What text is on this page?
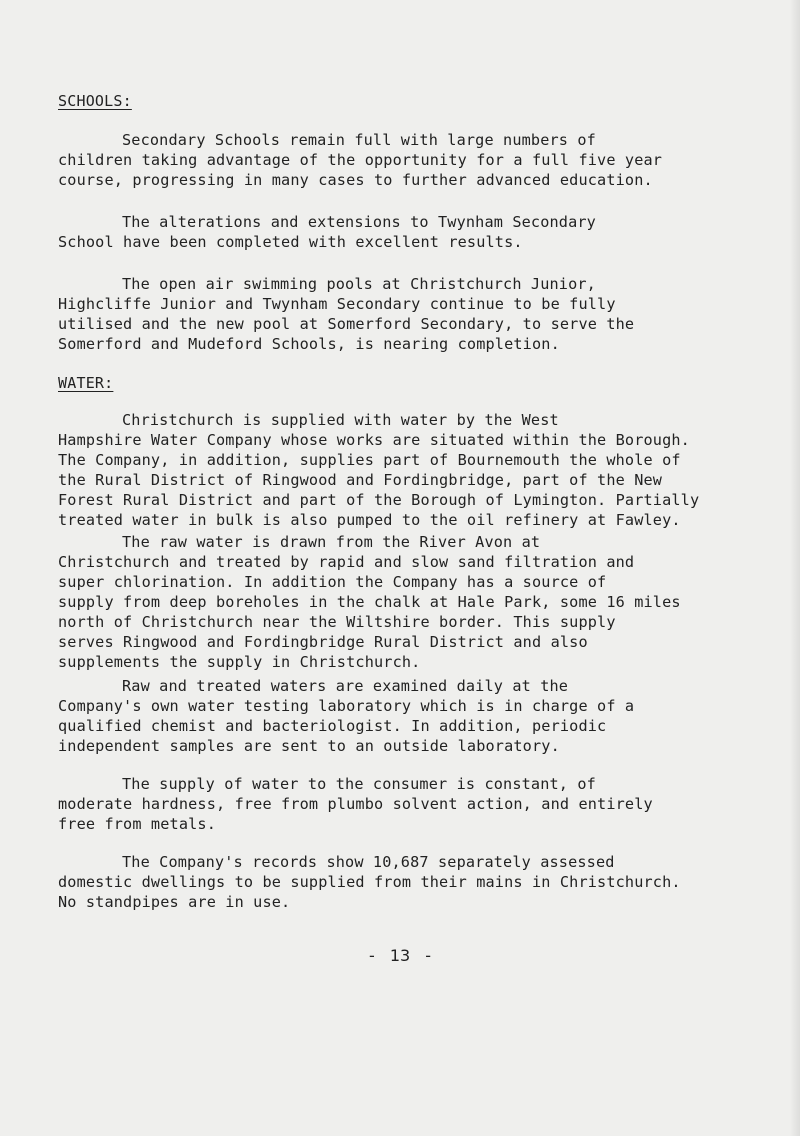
SCHOOLS:
Secondary Schools remain full with large numbers of
children taking advantage of the opportunity for a full five year
course, progressing in many cases to further advanced education.
The alterations and extensions to Twynham Secondary
School have been completed with excellent results.
The open air swimming pools at Christchurch Junior,
Highcliffe Junior and Twynham Secondary continue to be fully
utilised and the new pool at Somerford Secondary, to serve the
Somerford and Mudeford Schools, is nearing completion.
WATER:
Christchurch is supplied with water by the West
Hampshire Water Company whose works are situated within the Borough.
The Company, in addition, supplies part of Bournemouth the whole of
the Rural District of Ringwood and Fordingbridge, part of the New
Forest Rural District and part of the Borough of Lymington. Partially
treated water in bulk is also pumped to the oil refinery at Fawley.
The raw water is drawn from the River Avon at
Christchurch and treated by rapid and slow sand filtration and
super chlorination. In addition the Company has a source of
supply from deep boreholes in the chalk at Hale Park, some 16 miles
north of Christchurch near the Wiltshire border. This supply
serves Ringwood and Fordingbridge Rural District and also
supplements the supply in Christchurch.
Raw and treated waters are examined daily at the
Company's own water testing laboratory which is in charge of a
qualified chemist and bacteriologist. In addition, periodic
independent samples are sent to an outside laboratory.
The supply of water to the consumer is constant, of
moderate hardness, free from plumbo solvent action, and entirely
free from metals.
The Company's records show 10,687 separately assessed
domestic dwellings to be supplied from their mains in Christchurch.
No standpipes are in use.
- 13 -
